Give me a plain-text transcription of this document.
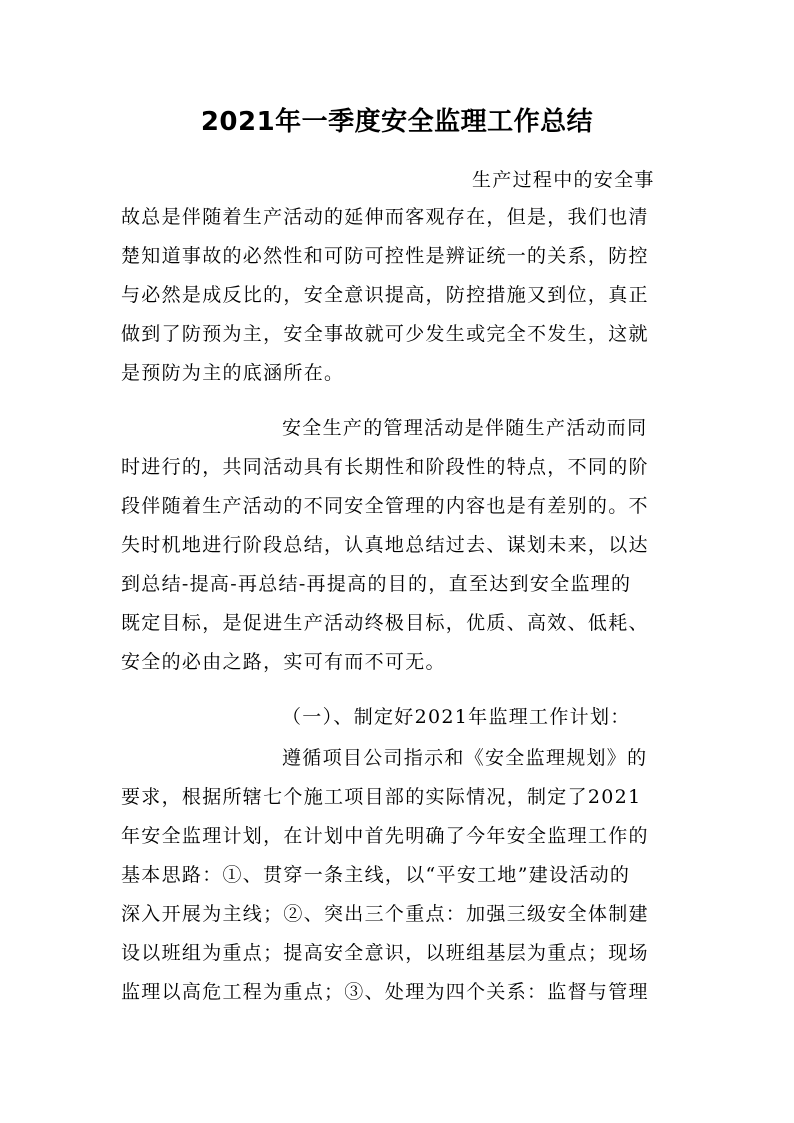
2021年一季度安全监理工作总结
生产过程中的安全事
故总是伴随着生产活动的延伸而客观存在，但是，我们也清
楚知道事故的必然性和可防可控性是辨证统一的关系，防控
与必然是成反比的，安全意识提高，防控措施又到位，真正
做到了防预为主，安全事故就可少发生或完全不发生，这就
是预防为主的底涵所在。
安全生产的管理活动是伴随生产活动而同
时进行的，共同活动具有长期性和阶段性的特点，不同的阶
段伴随着生产活动的不同安全管理的内容也是有差别的。不
失时机地进行阶段总结，认真地总结过去、谋划未来，以达
到总结-提高-再总结-再提高的目的，直至达到安全监理的
既定目标，是促进生产活动终极目标，优质、高效、低耗、
安全的必由之路，实可有而不可无。
（一）、制定好2021年监理工作计划：
遵循项目公司指示和《安全监理规划》的
要求，根据所辖七个施工项目部的实际情况，制定了2021
年安全监理计划，在计划中首先明确了今年安全监理工作的
基本思路：①、贯穿一条主线，以“平安工地”建设活动的
深入开展为主线；②、突出三个重点：加强三级安全体制建
设以班组为重点；提高安全意识，以班组基层为重点；现场
监理以高危工程为重点；③、处理为四个关系：监督与管理
